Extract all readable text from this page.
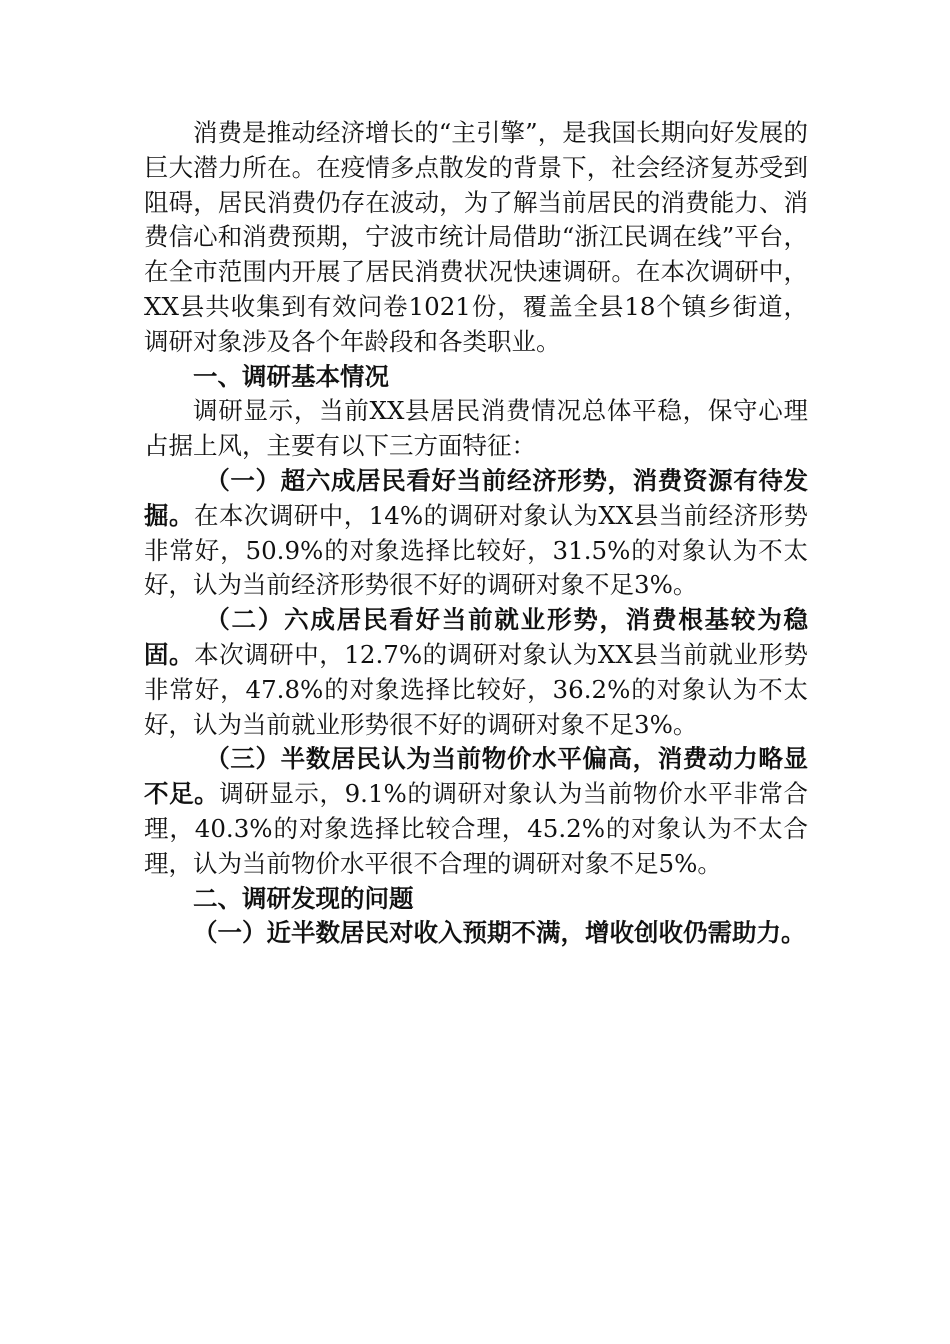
消费是推动经济增长的“主引擎”，是我国长期向好发展的巨大潜力所在。在疫情多点散发的背景下，社会经济复苏受到阻碍，居民消费仍存在波动，为了解当前居民的消费能力、消费信心和消费预期，宁波市统计局借助“浙江民调在线”平台，在全市范围内开展了居民消费状况快速调研。在本次调研中，XX县共收集到有效问卷1021份，覆盖全县18个镇乡街道，调研对象涉及各个年龄段和各类职业。

一、调研基本情况

调研显示，当前XX县居民消费情况总体平稳，保守心理占据上风，主要有以下三方面特征：

（一）超六成居民看好当前经济形势，消费资源有待发掘。在本次调研中，14%的调研对象认为XX县当前经济形势非常好，50.9%的对象选择比较好，31.5%的对象认为不太好，认为当前经济形势很不好的调研对象不足3%。

（二）六成居民看好当前就业形势，消费根基较为稳固。本次调研中，12.7%的调研对象认为XX县当前就业形势非常好，47.8%的对象选择比较好，36.2%的对象认为不太好，认为当前就业形势很不好的调研对象不足3%。

（三）半数居民认为当前物价水平偏高，消费动力略显不足。调研显示，9.1%的调研对象认为当前物价水平非常合理，40.3%的对象选择比较合理，45.2%的对象认为不太合理，认为当前物价水平很不合理的调研对象不足5%。

二、调研发现的问题

（一）近半数居民对收入预期不满，增收创收仍需助力。
